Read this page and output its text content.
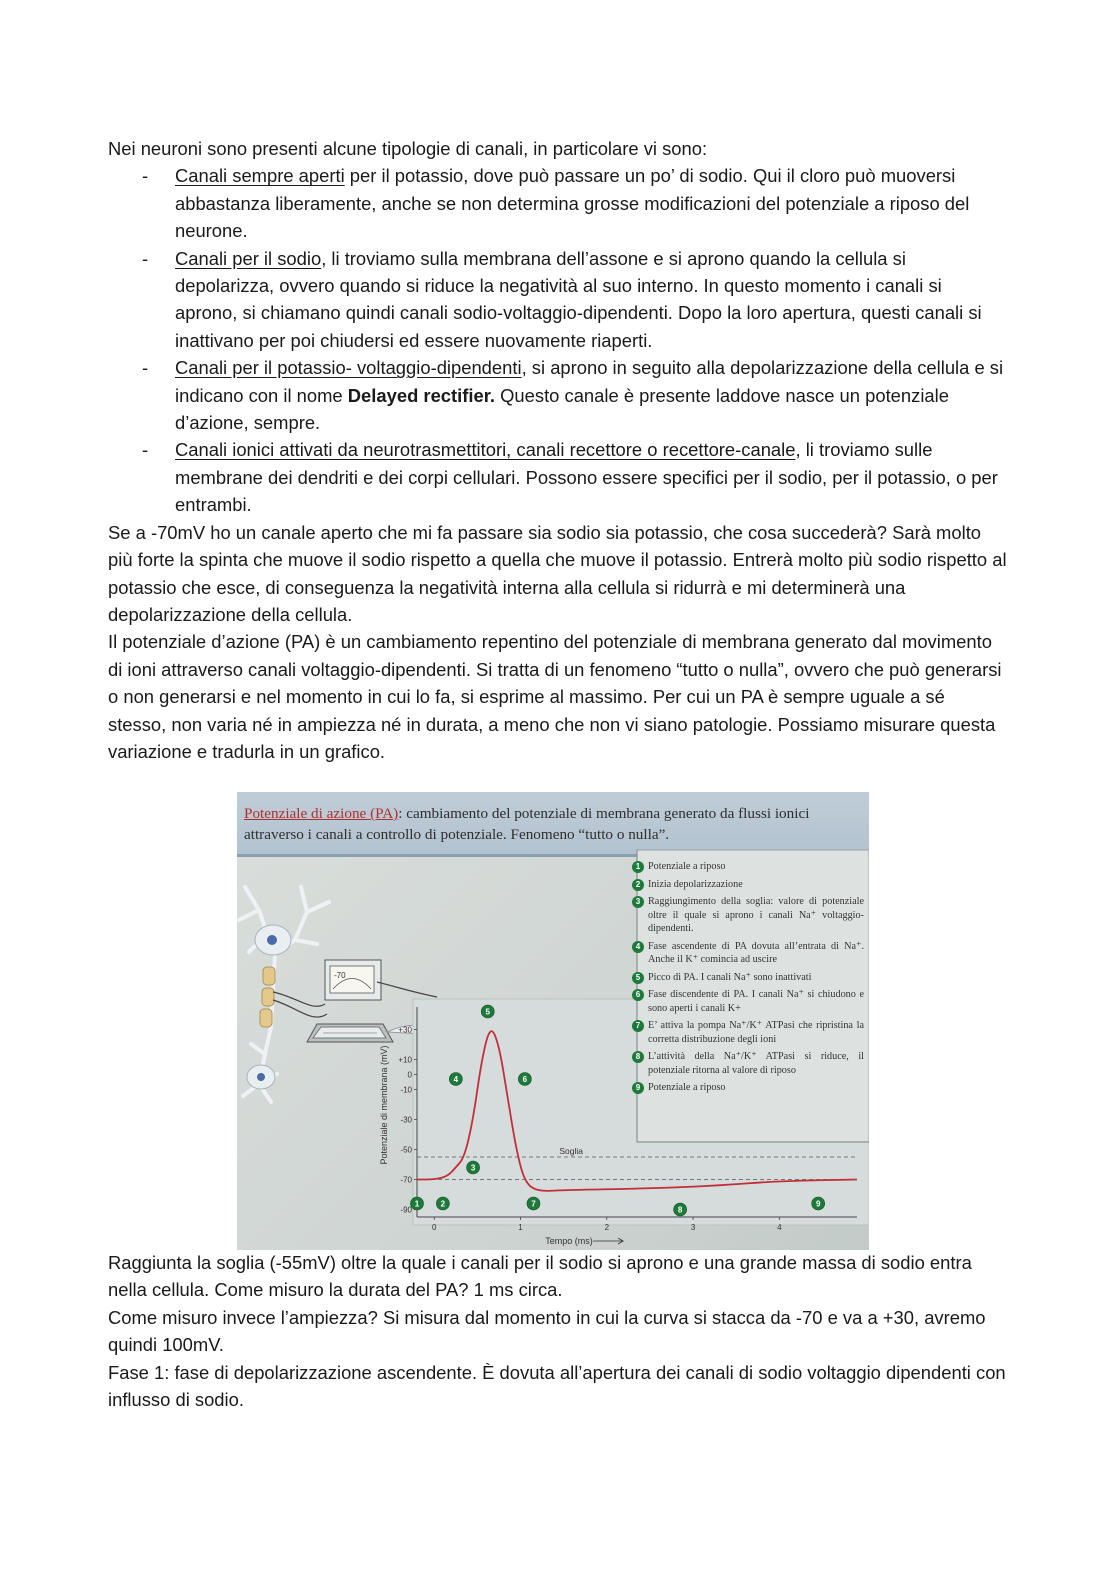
Nei neuroni sono presenti alcune tipologie di canali, in particolare vi sono:

- Canali sempre aperti per il potassio, dove può passare un po’ di sodio. Qui il cloro può muoversi abbastanza liberamente, anche se non determina grosse modificazioni del potenziale a riposo del neurone.
- Canali per il sodio, li troviamo sulla membrana dell’assone e si aprono quando la cellula si depolarizza, ovvero quando si riduce la negatività al suo interno. In questo momento i canali si aprono, si chiamano quindi canali sodio-voltaggio-dipendenti. Dopo la loro apertura, questi canali si inattivano per poi chiudersi ed essere nuovamente riaperti.
- Canali per il potassio- voltaggio-dipendenti, si aprono in seguito alla depolarizzazione della cellula e si indicano con il nome Delayed rectifier. Questo canale è presente laddove nasce un potenziale d’azione, sempre.
- Canali ionici attivati da neurotrasmettitori, canali recettore o recettore-canale, li troviamo sulle membrane dei dendriti e dei corpi cellulari. Possono essere specifici per il sodio, per il potassio, o per entrambi.

Se a -70mV ho un canale aperto che mi fa passare sia sodio sia potassio, che cosa succederà? Sarà molto più forte la spinta che muove il sodio rispetto a quella che muove il potassio. Entrerà molto più sodio rispetto al potassio che esce, di conseguenza la negatività interna alla cellula si ridurrà e mi determinerà una depolarizzazione della cellula.

Il potenziale d’azione (PA) è un cambiamento repentino del potenziale di membrana generato dal movimento di ioni attraverso canali voltaggio-dipendenti. Si tratta di un fenomeno “tutto o nulla”, ovvero che può generarsi o non generarsi e nel momento in cui lo fa, si esprime al massimo. Per cui un PA è sempre uguale a sé stesso, non varia né in ampiezza né in durata, a meno che non vi siano patologie. Possiamo misurare questa variazione e tradurla in un grafico.

Potenziale di azione (PA): cambiamento del potenziale di membrana generato da flussi ionici attraverso i canali a controllo di potenziale. Fenomeno “tutto o nulla”.
-70
+30
+10
0
-10
-30
-50
-70
-90
0	1	2	3	4
Soglia
1	2
3
4
5
6
7
8
9
Potenziale di membrana (mV)
Tempo (ms)
1 Potenziale a riposo
2 Inizia depolarizzazione
3 Raggiungimento della soglia: valore di potenziale oltre il quale si aprono i canali Na⁺ voltaggio-dipendenti.
4 Fase ascendente di PA dovuta all’entrata di Na⁺. Anche il K⁺ comincia ad uscire
5 Picco di PA. I canali Na⁺ sono inattivati
6 Fase discendente di PA. I canali Na⁺ si chiudono e sono aperti i canali K+
7 E’ attiva la pompa Na⁺/K⁺ ATPasi che ripristina la corretta distribuzione degli ioni
8 L’attività della Na⁺/K⁺ ATPasi si riduce, il potenziale ritorna al valore di riposo
9 Potenziale a riposo

Raggiunta la soglia (-55mV) oltre la quale i canali per il sodio si aprono e una grande massa di sodio entra nella cellula. Come misuro la durata del PA? 1 ms circa.

Come misuro invece l’ampiezza? Si misura dal momento in cui la curva si stacca da -70 e va a +30, avremo quindi 100mV.

Fase 1: fase di depolarizzazione ascendente. È dovuta all’apertura dei canali di sodio voltaggio dipendenti con influsso di sodio.
